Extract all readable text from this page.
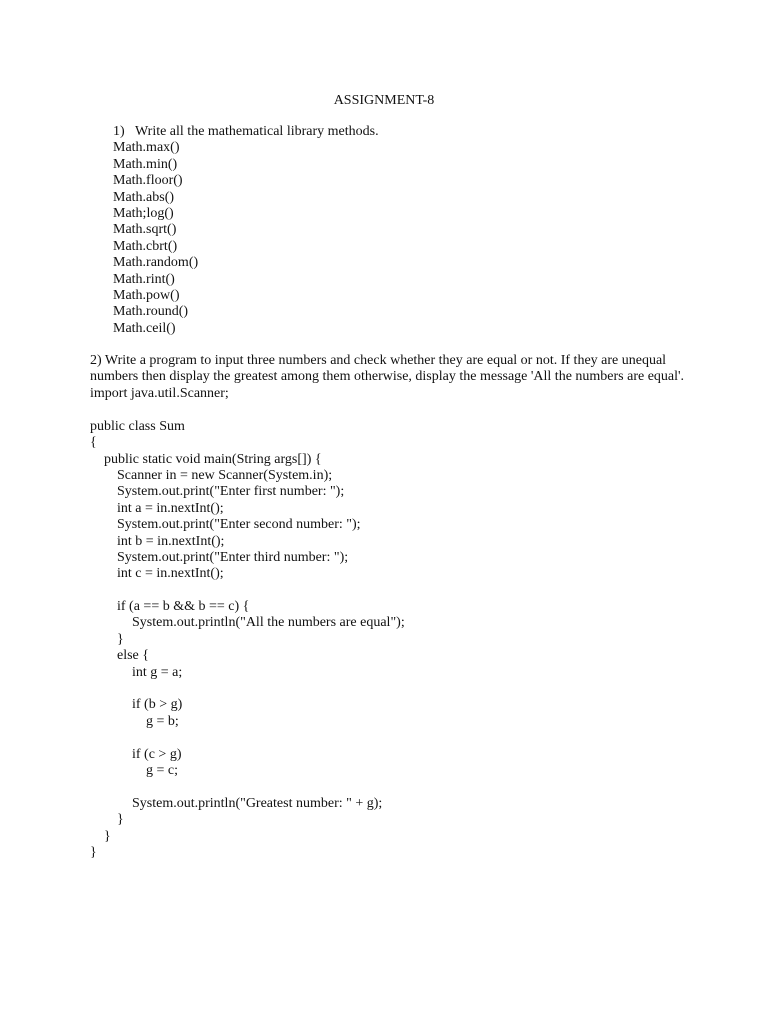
ASSIGNMENT-8
1) Write all the mathematical library methods.
Math.max()
Math.min()
Math.floor()
Math.abs()
Math;log()
Math.sqrt()
Math.cbrt()
Math.random()
Math.rint()
Math.pow()
Math.round()
Math.ceil()

2) Write a program to input three numbers and check whether they are equal or not. If they are unequal numbers then display the greatest among them otherwise, display the message 'All the numbers are equal'.

import java.util.Scanner;
public class Sum
{
public static void main(String args[]) {
Scanner in = new Scanner(System.in);
System.out.print("Enter first number: ");
int a = in.nextInt();
System.out.print("Enter second number: ");
int b = in.nextInt();
System.out.print("Enter third number: ");
int c = in.nextInt();
if (a == b && b == c) {
System.out.println("All the numbers are equal");
}
else {
int g = a;
if (b > g)
g = b;
if (c > g)
g = c;
System.out.println("Greatest number: " + g);
}
}
}
